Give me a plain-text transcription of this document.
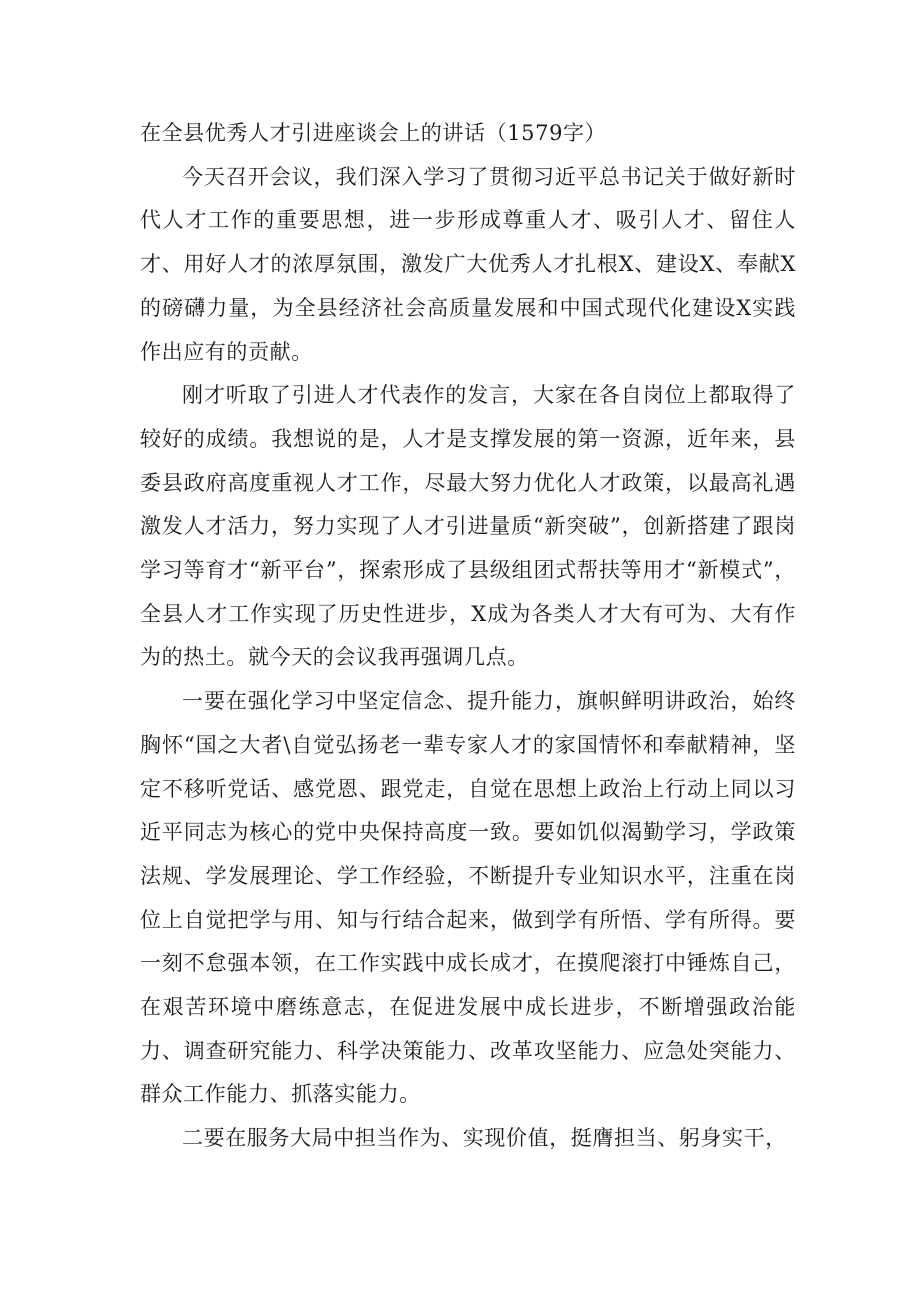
在全县优秀人才引进座谈会上的讲话（1579字）

今天召开会议，我们深入学习了贯彻习近平总书记关于做好新时代人才工作的重要思想，进一步形成尊重人才、吸引人才、留住人才、用好人才的浓厚氛围，激发广大优秀人才扎根X、建设X、奉献X的磅礴力量，为全县经济社会高质量发展和中国式现代化建设X实践作出应有的贡献。

刚才听取了引进人才代表作的发言，大家在各自岗位上都取得了较好的成绩。我想说的是，人才是支撑发展的第一资源，近年来，县委县政府高度重视人才工作，尽最大努力优化人才政策，以最高礼遇激发人才活力，努力实现了人才引进量质“新突破”，创新搭建了跟岗学习等育才“新平台”，探索形成了县级组团式帮扶等用才“新模式”，全县人才工作实现了历史性进步，X成为各类人才大有可为、大有作为的热土。就今天的会议我再强调几点。

一要在强化学习中坚定信念、提升能力，旗帜鲜明讲政治，始终胸怀“国之大者\自觉弘扬老一辈专家人才的家国情怀和奉献精神，坚定不移听党话、感党恩、跟党走，自觉在思想上政治上行动上同以习近平同志为核心的党中央保持高度一致。要如饥似渴勤学习，学政策法规、学发展理论、学工作经验，不断提升专业知识水平，注重在岗位上自觉把学与用、知与行结合起来，做到学有所悟、学有所得。要一刻不怠强本领，在工作实践中成长成才，在摸爬滚打中锤炼自己，在艰苦环境中磨练意志，在促进发展中成长进步，不断增强政治能力、调查研究能力、科学决策能力、改革攻坚能力、应急处突能力、群众工作能力、抓落实能力。

二要在服务大局中担当作为、实现价值，挺膺担当、躬身实干，
